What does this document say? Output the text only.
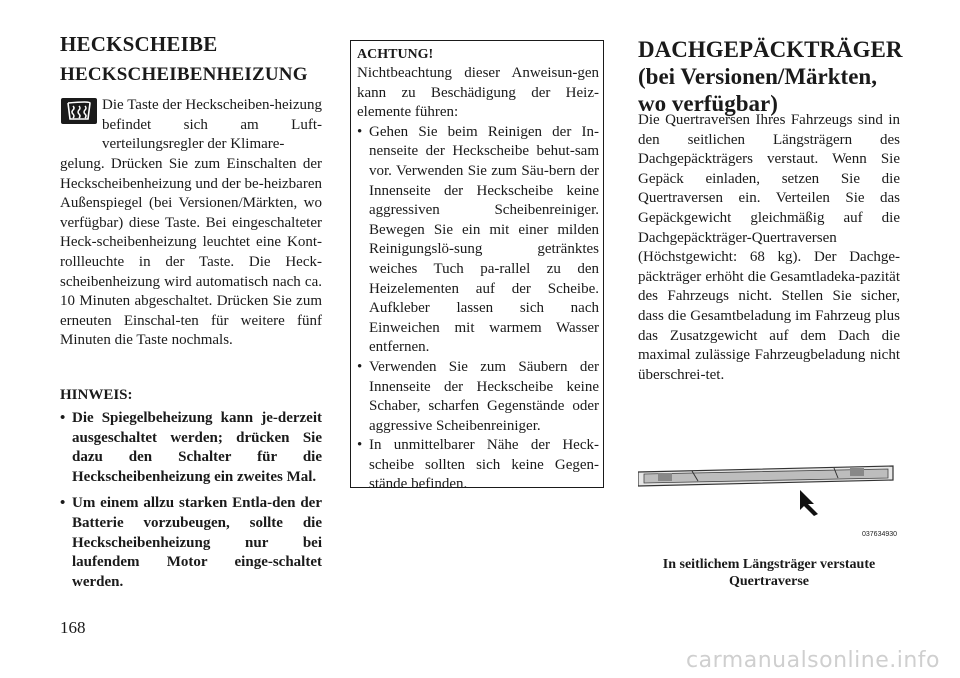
HECKSCHEIBE
HECKSCHEIBENHEIZUNG

Die Taste der Heckscheiben-heizung befindet sich am Luft-verteilungsregler der Klimare-

gelung. Drücken Sie zum Einschalten der Heckscheibenheizung und der be-heizbaren Außenspiegel (bei Versionen/Märkten, wo verfügbar) diese Taste. Bei eingeschalteter Heck-scheibenheizung leuchtet eine Kont-rollleuchte in der Taste. Die Heck-scheibenheizung wird automatisch nach ca. 10 Minuten abgeschaltet. Drücken Sie zum erneuten Einschal-ten für weitere fünf Minuten die Taste nochmals.

HINWEIS:

• Die Spiegelbeheizung kann je-derzeit ausgeschaltet werden; drücken Sie dazu den Schalter für die Heckscheibenheizung ein zweites Mal.
• Um einem allzu starken Entla-den der Batterie vorzubeugen, sollte die Heckscheibenheizung nur bei laufendem Motor einge-schaltet werden.

ACHTUNG!

Nichtbeachtung dieser Anweisun-gen kann zu Beschädigung der Heiz-elemente führen:

• Gehen Sie beim Reinigen der In-nenseite der Heckscheibe behut-sam vor. Verwenden Sie zum Säu-bern der Innenseite der Heckscheibe keine aggressiven Scheibenreiniger. Bewegen Sie ein mit einer milden Reinigungslö-sung getränktes weiches Tuch pa-rallel zu den Heizelementen auf der Scheibe. Aufkleber lassen sich nach Einweichen mit warmem Wasser entfernen.
• Verwenden Sie zum Säubern der Innenseite der Heckscheibe keine Schaber, scharfen Gegenstände oder aggressive Scheibenreiniger.
• In unmittelbarer Nähe der Heck-scheibe sollten sich keine Gegen-stände befinden.
DACHGEPÄCKTRÄGER (bei Versionen/Märkten, wo verfügbar)

Die Quertraversen Ihres Fahrzeugs sind in den seitlichen Längsträgern des Dachgepäckträgers verstaut. Wenn Sie Gepäck einladen, setzen Sie die Quertraversen ein. Verteilen Sie das Gepäckgewicht gleichmäßig auf die Dachgepäckträger-Quertraversen (Höchstgewicht: 68 kg). Der Dachge-päckträger erhöht die Gesamtladeka-pazität des Fahrzeugs nicht. Stellen Sie sicher, dass die Gesamtbeladung im Fahrzeug plus das Zusatzgewicht auf dem Dach die maximal zulässige Fahrzeugbeladung nicht überschrei-tet.

037634930

In seitlichem Längsträger verstaute Quertraverse

168

carmanualsonline.info
